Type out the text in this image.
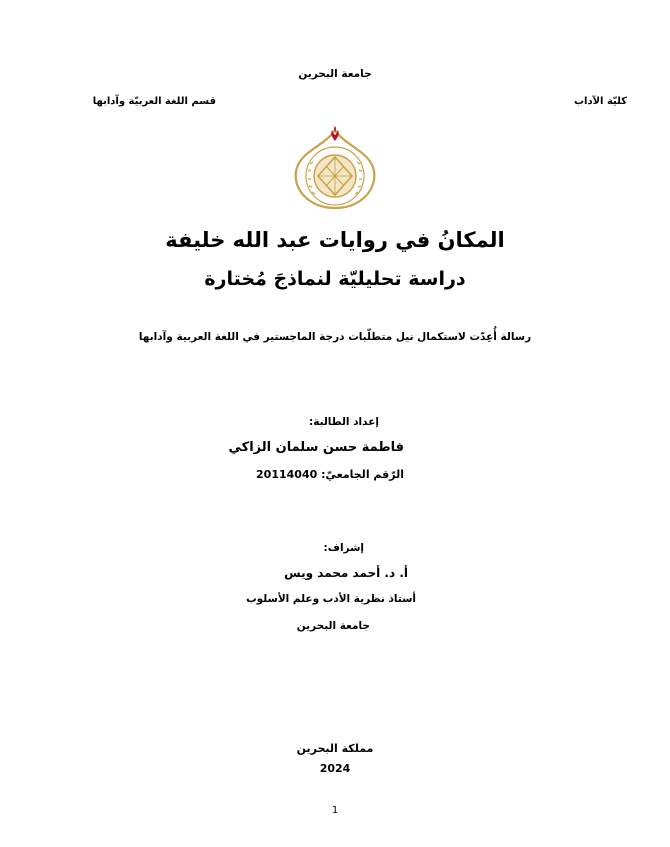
جامعة البحرين
كليّة الآداب
قسم اللغة العربيّة وآدابها
المكانُ في روايات عبد الله خليفة
دراسة تحليليّة لنماذجَ مُختارة
رسالة أُعِدّت لاستكمال نيل متطلّبات درجة الماجستير في اللغة العربية وآدابها
إعداد الطالبة:
فاطمة حسن سلمان الزاكي
الرّقم الجامعيّ: 20114040
إشراف:
أ. د. أحمد محمد ويس
أستاذ نظرية الأدب وعلم الأسلوب
جامعة البحرين
مملكة البحرين
2024
1
